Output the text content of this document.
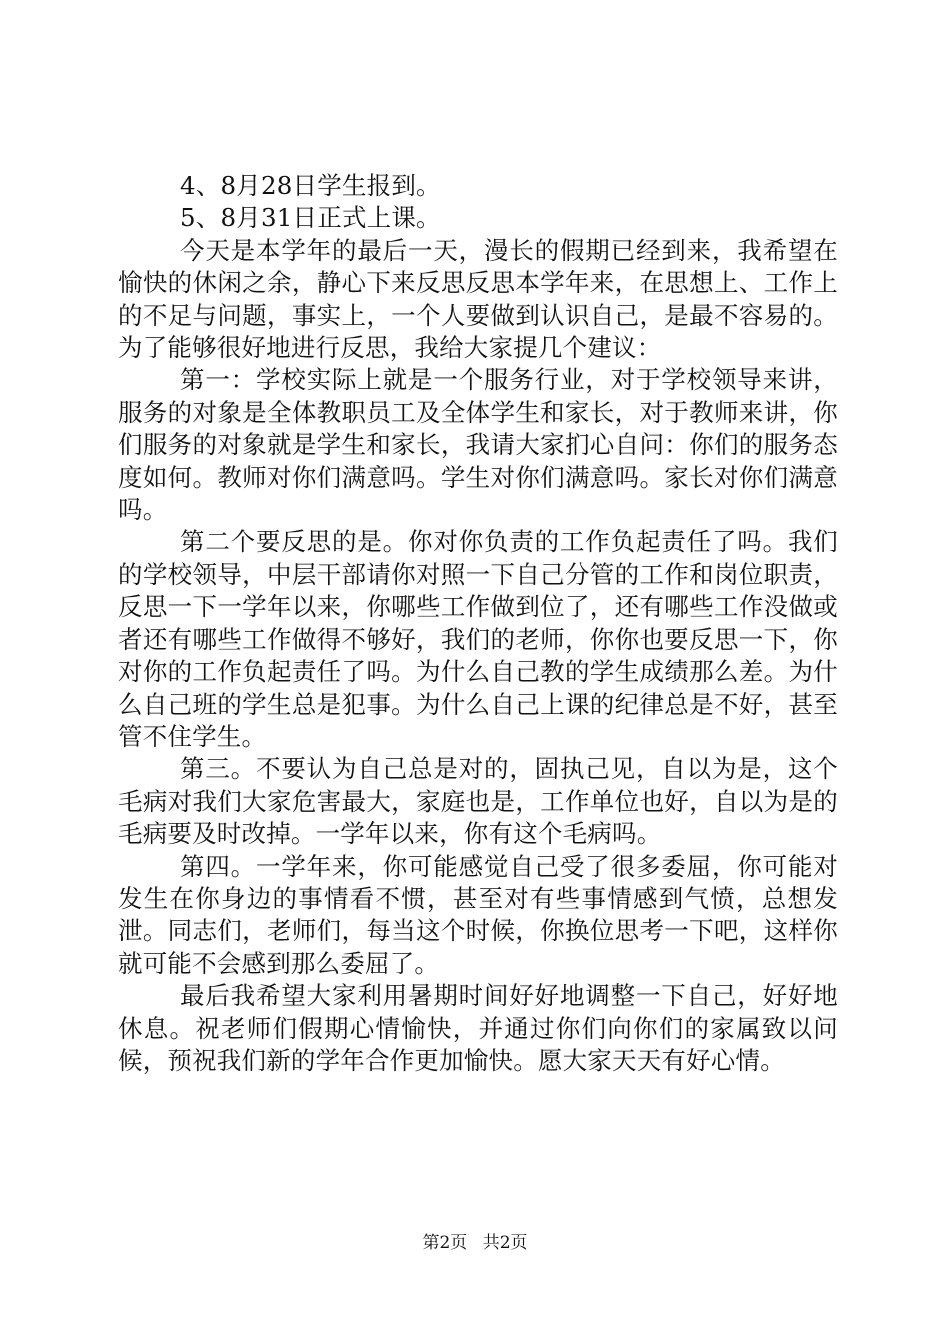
4、8月28日学生报到。

5、8月31日正式上课。

今天是本学年的最后一天，漫长的假期已经到来，我希望在愉快的休闲之余，静心下来反思反思本学年来，在思想上、工作上的不足与问题，事实上，一个人要做到认识自己，是最不容易的。为了能够很好地进行反思，我给大家提几个建议：

第一：学校实际上就是一个服务行业，对于学校领导来讲，服务的对象是全体教职员工及全体学生和家长，对于教师来讲，你们服务的对象就是学生和家长，我请大家扪心自问：你们的服务态度如何。教师对你们满意吗。学生对你们满意吗。家长对你们满意吗。

第二个要反思的是。你对你负责的工作负起责任了吗。我们的学校领导，中层干部请你对照一下自己分管的工作和岗位职责，反思一下一学年以来，你哪些工作做到位了，还有哪些工作没做或者还有哪些工作做得不够好，我们的老师，你你也要反思一下，你对你的工作负起责任了吗。为什么自己教的学生成绩那么差。为什么自己班的学生总是犯事。为什么自己上课的纪律总是不好，甚至管不住学生。

第三。不要认为自己总是对的，固执己见，自以为是，这个毛病对我们大家危害最大，家庭也是，工作单位也好，自以为是的毛病要及时改掉。一学年以来，你有这个毛病吗。

第四。一学年来，你可能感觉自己受了很多委屈，你可能对发生在你身边的事情看不惯，甚至对有些事情感到气愤，总想发泄。同志们，老师们，每当这个时候，你换位思考一下吧，这样你就可能不会感到那么委屈了。

最后我希望大家利用暑期时间好好地调整一下自己，好好地休息。祝老师们假期心情愉快，并通过你们向你们的家属致以问候，预祝我们新的学年合作更加愉快。愿大家天天有好心情。

第2页 共2页
